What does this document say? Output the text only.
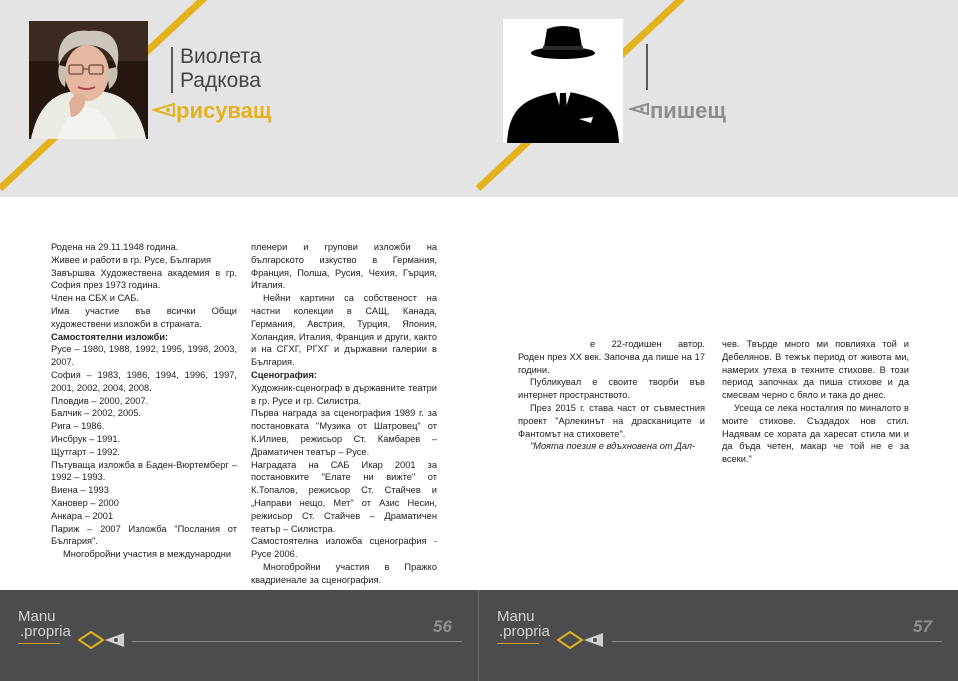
Виолета
Радкова
рисуващ	пишещ

Родена на 29.11.1948 година.

Живее и работи в гр. Русе, България

Завършва Художествена академия в гр. София през 1973 година.

Член на СБХ и САБ.

Има участие във всички Общи художествени изложби в страната.

Самостоятелни изложби:

Русе – 1980, 1988, 1992, 1995, 1998, 2003, 2007.

София – 1983, 1986, 1994, 1996, 1997, 2001, 2002, 2004, 2008.

Пловдив – 2000, 2007.

Балчик – 2002, 2005.

Рига – 1986.

Инсбрук – 1991.

Щутгарт – 1992.

Пътуваща изложба в Баден-Вюртемберг – 1992 – 1993.

Виена – 1993

Хановер – 2000

Анкара – 2001

Париж – 2007 Изложба "Послания от България".

Многобройни участия в международни

пленери и групови изложби на българското изкуство в Германия, Франция, Полша, Русия, Чехия, Гърция, Италия.

Нейни картини са собственост на частни колекции в САЩ, Канада, Германия, Австрия, Турция, Япония, Холандия, Италия, Франция и други, както и на СГХГ, РГХГ и държавни галерии в България.

Сценография:

Художник-сценограф в държавните театри в гр. Русе и гр. Силистра.

Първа награда за сценография 1989 г. за постановката "Музика от Шатровец" от К.Илиев, режисьор Ст. Камбарев – Драматичен театър – Русе.

Наградата на САБ Икар 2001 за постановките "Елате ни вижте" от К.Топалов, режисьор Ст. Стайчев и „Направи нещо, Мет" от Азис Несин, режисьор Ст. Стайчев – Драматичен театър – Силистра.

Самостоятелна изложба сценография - Русе 2006.

Многобройни участия в Пражко квадриенале за сценография.

е 22-годишен автор. Роден през XX век. Започва да пише на 17 години.

Публикувал е своите творби във интернет пространството.

През 2015 г. става част от съвместния проект "Арлекинът на драсканиците и Фантомът на стиховете".

"Моята поезия е вдъхновена от Дал-

чев. Твърде много ми повлияха той и Дебелянов. В тежък период от живота ми, намерих утеха в техните стихове. В този период започнах да пиша стихове и да смесвам черно с бяло и така до днес.

Усеща се лека носталгия по миналото в моите стихове. Създадох нов стил. Надявам се хората да харесат стила ми и да бъда четен, макар че той не е за всеки."

Manu
.propria	56
Manu
.propria	57
